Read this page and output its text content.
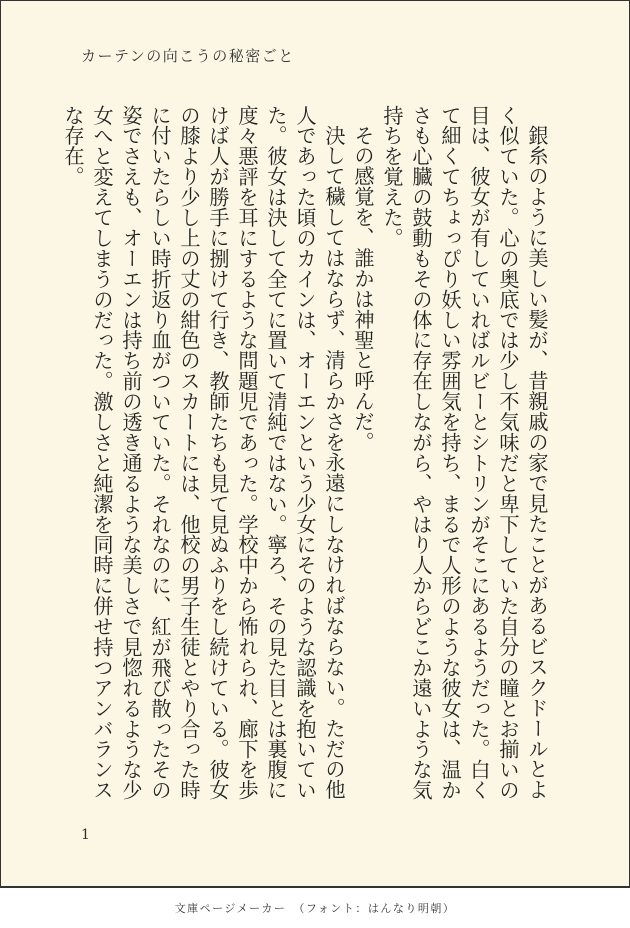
カーテンの向こうの秘密ごと

銀糸のように美しい髪が、昔親戚の家で見たことがあるビスクドールとよく似ていた。心の奥底では少し不気味だと卑下していた自分の瞳とお揃いの目は、彼女が有していればルビーとシトリンがそこにあるようだった。白くて細くてちょっぴり妖しい雰囲気を持ち、まるで人形のような彼女は、温かさも心臓の鼓動もその体に存在しながら、やはり人からどこか遠いような気持ちを覚えた。

その感覚を、誰かは神聖と呼んだ。

決して穢してはならず、清らかさを永遠にしなければならない。ただの他人であった頃のカインは、オーエンという少女にそのような認識を抱いていた。彼女は決して全てに置いて清純ではない。寧ろ、その見た目とは裏腹に度々悪評を耳にするような問題児であった。学校中から怖れられ、廊下を歩けば人が勝手に捌けて行き、教師たちも見て見ぬふりをし続けている。彼女の膝より少し上の丈の紺色のスカートには、他校の男子生徒とやり合った時に付いたらしい時折返り血がついていた。それなのに、紅が飛び散ったその姿でさえも、オーエンは持ち前の透き通るような美しさで見惚れるような少女へと変えてしまうのだった。激しさと純潔を同時に併せ持つアンバランスな存在。

1
文庫ページメーカー　（フォント：はんなり明朝）
